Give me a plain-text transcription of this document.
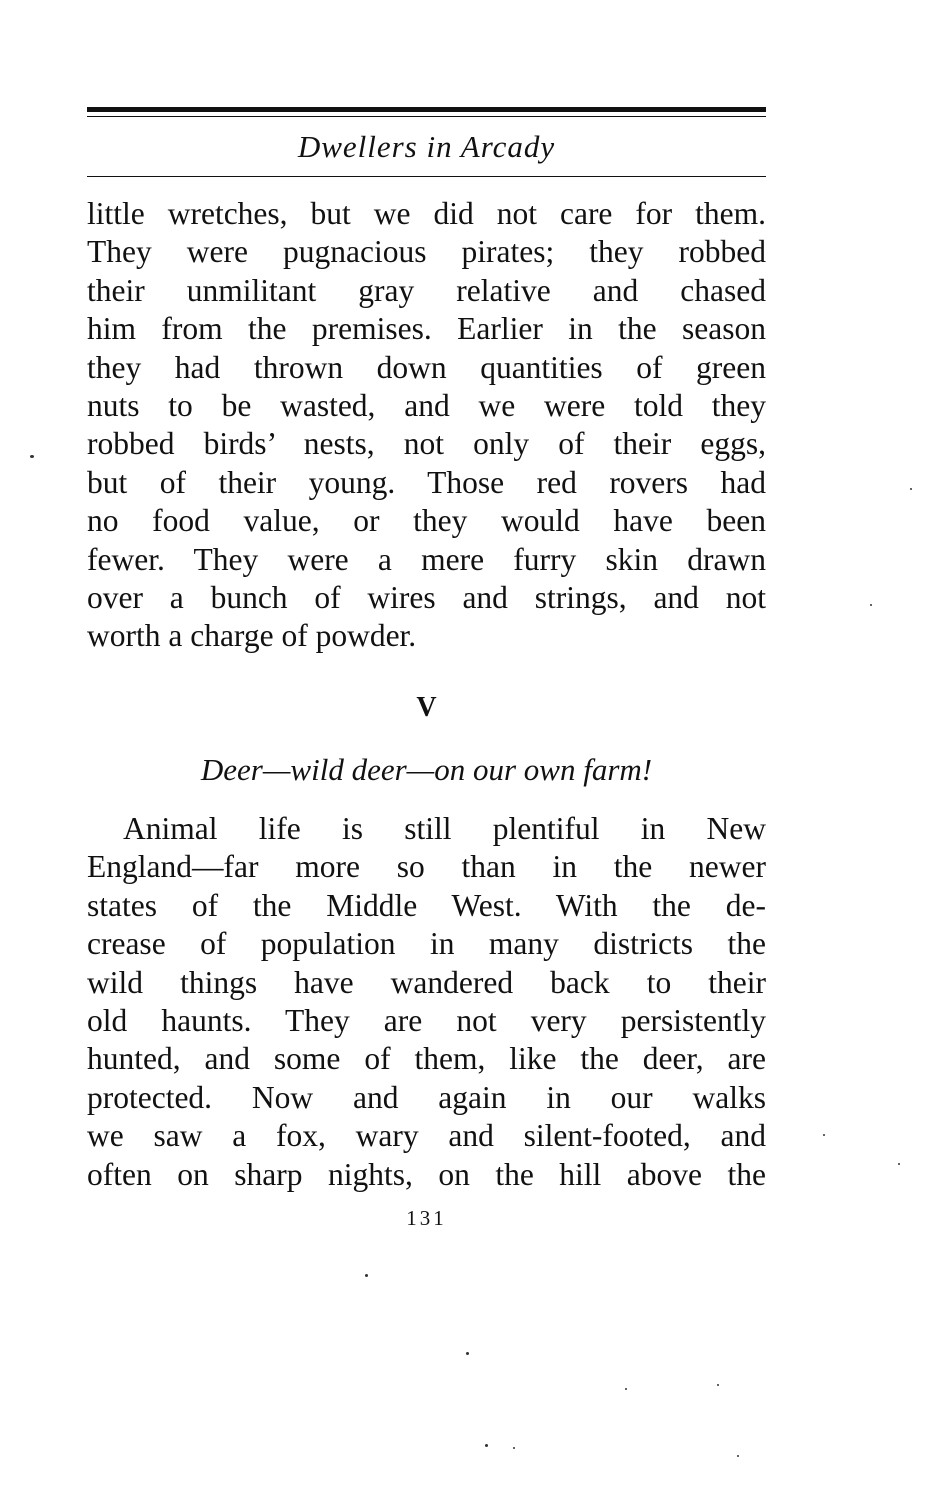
Dwellers in Arcady
little wretches, but we did not care for them.
They were pugnacious pirates; they robbed
their unmilitant gray relative and chased
him from the premises. Earlier in the season
they had thrown down quantities of green
nuts to be wasted, and we were told they
robbed birds’ nests, not only of their eggs,
but of their young. Those red rovers had
no food value, or they would have been
fewer. They were a mere furry skin drawn
over a bunch of wires and strings, and not
worth a charge of powder.
V
Deer—wild deer—on our own farm!
Animal life is still plentiful in New
England—far more so than in the newer
states of the Middle West. With the de-
crease of population in many districts the
wild things have wandered back to their
old haunts. They are not very persistently
hunted, and some of them, like the deer, are
protected. Now and again in our walks
we saw a fox, wary and silent-footed, and
often on sharp nights, on the hill above the
131
